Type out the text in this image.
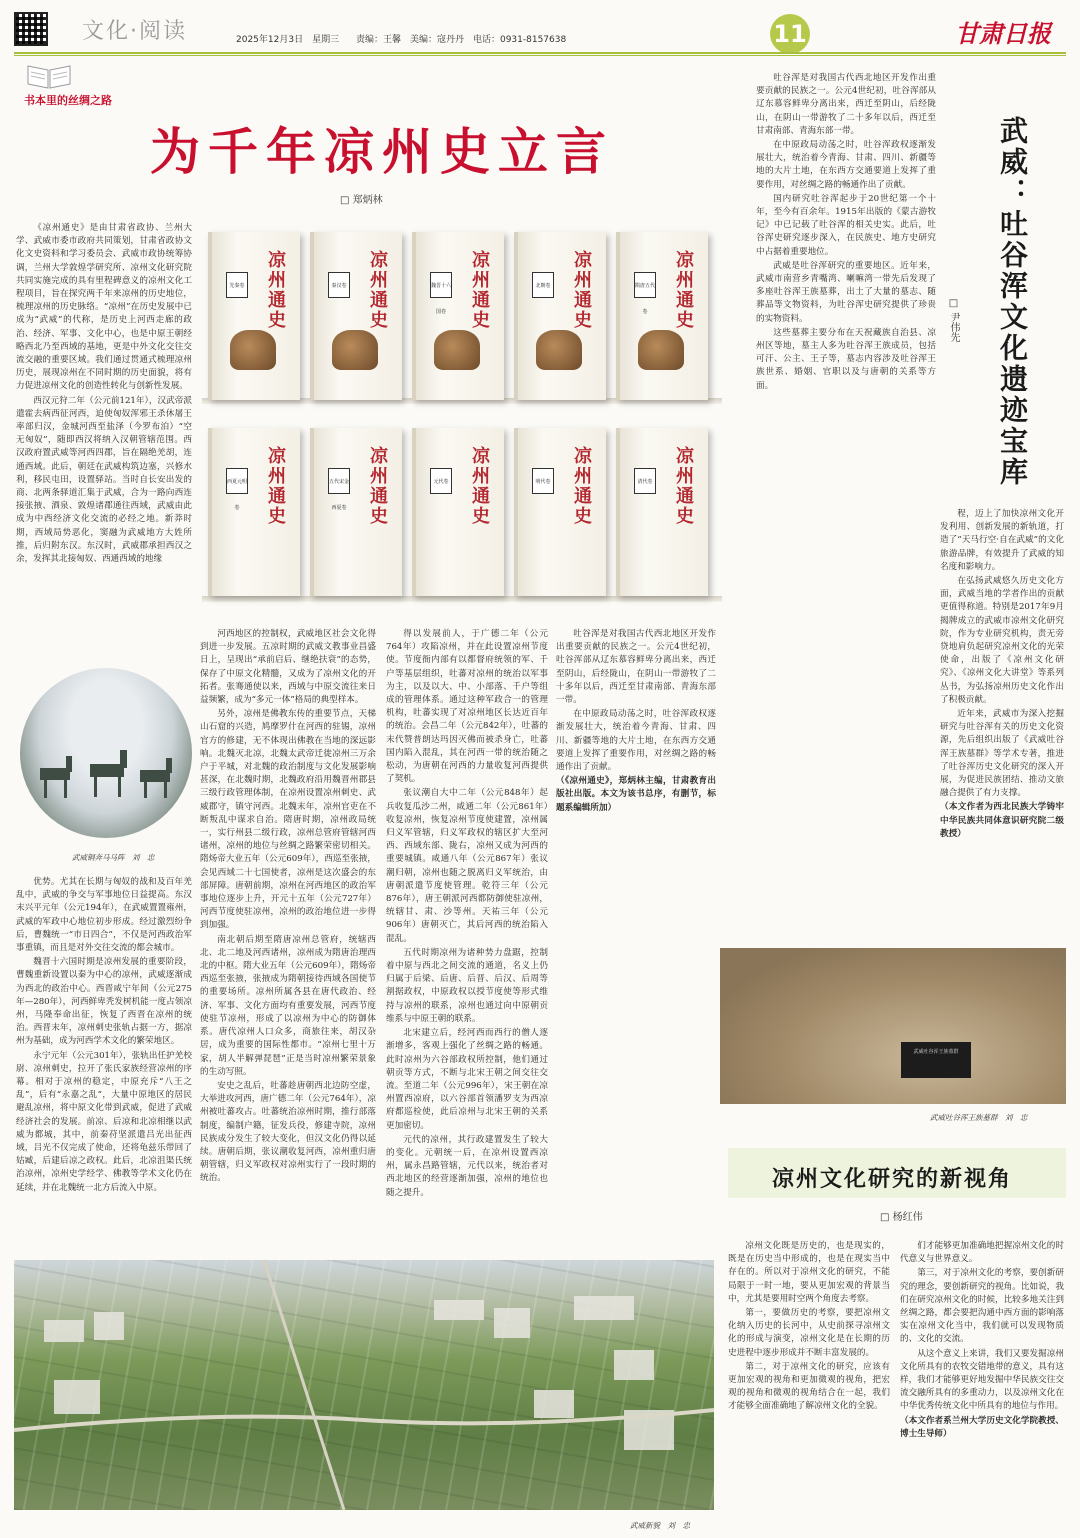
文化·阅读	2025年12月3日　星期三 责编：王馨　美编：寇丹丹　电话：0931-8157638	11	甘肃日报
书本里的丝绸之路
为千年凉州史立言
□ 郑炳林
凉州通史
先秦卷	凉州通史
秦汉卷	凉州通史
魏晋十六国卷	凉州通史
北朝卷	凉州通史
隋唐五代卷
凉州通史
西夏元明卷	凉州通史
五代宋金西夏卷	凉州通史
元代卷	凉州通史
明代卷	凉州通史
清代卷

《凉州通史》是由甘肃省政协、兰州大学、武威市委市政府共同策划，甘肃省政协文化文史资料和学习委员会、武威市政协统筹协调，兰州大学敦煌学研究所、凉州文化研究院共同实施完成的具有里程碑意义的凉州文化工程项目，旨在探究两千年来凉州的历史地位，梳理凉州的历史脉络。“凉州”在历史发展中已成为“武威”的代称，是历史上河西走廊的政治、经济、军事、文化中心，也是中原王朝经略西北乃至西域的基地，更是中外文化交往交流交融的重要区域。我们通过贯通式梳理凉州历史，展现凉州在不同时期的历史面貌，将有力促进凉州文化的创造性转化与创新性发展。

西汉元狩二年（公元前121年），汉武帝派遣霍去病西征河西，迫使匈奴浑邪王杀休屠王率部归汉，金城河西至盐泽（今罗布泊）“空无匈奴”，随即西汉将纳入汉朝管辖范围。西汉政府置武威等河西四郡，旨在隔绝羌胡，连通西域。此后，朝廷在武威构筑边塞，兴修水利，移民屯田，设置驿站。当时自长安出发的商、北两条驿道汇集于武威，合为一路向西连接张掖、酒泉、敦煌诸郡通往西域，武威由此成为中西经济文化交流的必经之地。新莽时期，西域局势恶化，窦融为武威地方大姓所推，后归附东汉。东汉时，武威郡承担西汉之余，发挥其北接匈奴、西通西域的地缘

武威铜奔马马阵　刘　忠

优势。尤其在长期与匈奴的战和及百年羌乱中，武威的争交与军事地位日益提高。东汉末兴平元年（公元194年），在武威置置雍州，武威的军政中心地位初步形成。经过激烈纷争后，曹魏统一“市日四合”，不仅是河西政治军事重镇，而且是对外交往交流的都会城市。

魏晋十六国时期是凉州发展的重要阶段，曹魏重新设置以秦为中心的凉州，武威逐渐成为西北的政治中心。西晋咸宁年间（公元275年—280年），河西鲜卑秃发树机能一度占领凉州，马隆奉命出征，恢复了西晋在凉州的统治。西晋末年，凉州刺史张轨占据一方，据凉州为基础，成为河西学术文化的繁荣地区。

永宁元年（公元301年），张轨出任护羌校尉、凉州刺史，拉开了张氏家族经营凉州的序幕。相对于凉州的稳定，中原充斥“八王之乱”，后有“永嘉之乱”，大量中原地区的居民避乱凉州，将中原文化带到武威，促进了武威经济社会的发展。前凉、后凉和北凉相继以武威为都城，其中，前秦苻坚派遣吕光出征西域，吕光不仅完成了使命，还将龟兹乐带回了姑臧，后建后凉之政权。此后，北凉沮渠氏统治凉州，凉州史学经学、佛教等学术文化仍在延续，并在北魏统一北方后流入中原。

河西地区的控制权，武威地区社会文化得到进一步发展。五凉时期的武威文教事业昌盛日上，呈现出“承前启后、继绝扶衰”的态势，保存了中原文化精髓，又成为了凉州文化的开拓者。张骞通使以来，西域与中原交流往来日益频繁，成为“多元一体”格局的典型样本。

另外，凉州是佛教东传的重要节点，天梯山石窟的兴造，鸠摩罗什在河西的驻锡，凉州官方的修建，无不体现出佛教在当地的深远影响。北魏灭北凉，北魏太武帝迁徙凉州三万余户于平城，对北魏的政治制度与文化发展影响甚深，在北魏时期，北魏政府沿用魏晋州郡县三级行政管理体制，在凉州设置凉州刺史、武威郡守，镇守河西。北魏末年，凉州官吏在不断叛乱中谋求自治。隋唐时期，凉州政局统一，实行州县二级行政，凉州总管府管辖河西诸州，凉州的地位与丝绸之路繁荣密切相关。隋炀帝大业五年（公元609年），西巡至张掖，会见西域二十七国使者，凉州是这次盛会的东部屏障。唐朝前期，凉州在河西地区的政治军事地位逐步上升，开元十五年（公元727年）河西节度使驻凉州，凉州的政治地位进一步得到加强。

南北朝后期至隋唐凉州总管府，统辖西北、北二地及河西诸州，凉州成为隋唐治理西北的中枢。隋大业五年（公元609年），隋炀帝西巡至张掖，张掖成为隋朝接待西域各国使节的重要场所。凉州所属各县在唐代政治、经济、军事、文化方面均有重要发展，河西节度使驻节凉州，形成了以凉州为中心的防御体系。唐代凉州人口众多，商旅往来，胡汉杂居，成为重要的国际性都市。“凉州七里十万家，胡人半解弹琵琶”正是当时凉州繁荣景象的生动写照。

安史之乱后，吐蕃趁唐朝西北边防空虚，大举进攻河西，唐广德二年（公元764年），凉州被吐蕃攻占。吐蕃统治凉州时期，推行部落制度，编制户籍，征发兵役，修建寺院，凉州民族成分发生了较大变化，但汉文化仍得以延续。唐朝后期，张议潮收复河西，凉州重归唐朝管辖，归义军政权对凉州实行了一段时期的统治。

得以发展前人，于广德二年（公元764年）攻陷凉州，并在此设置凉州节度使。节度衙内部有以都督府统领的军、千户等基层组织，吐蕃对凉州的统治以军事为主，以及以大、中、小部落、千户等组成的管理体系。通过这种军政合一的管理机构，吐蕃实现了对凉州地区长达近百年的统治。会昌二年（公元842年），吐蕃的末代赞普朗达玛因灭佛而被杀身亡，吐蕃国内陷入混乱，其在河西一带的统治随之松动，为唐朝在河西的力量收复河西提供了契机。

张议潮自大中二年（公元848年）起兵收复瓜沙二州，咸通二年（公元861年）收复凉州，恢复凉州节度使建置，凉州属归义军管辖，归义军政权的辖区扩大至河西、西域东部、陇右，凉州又成为河西的重要城镇。咸通八年（公元867年）张议潮归朝，凉州也随之脱离归义军统治，由唐朝派遣节度使管理。乾符三年（公元876年），唐王朝派河西都防御使驻凉州，统辖甘、肃、沙等州。天祐三年（公元906年）唐朝灭亡，其后河西的统治陷入混乱。

五代时期凉州为诸种势力盘踞，控制着中原与西北之间交流的通道，名义上仍归属于后梁、后唐、后晋、后汉、后周等割据政权，中原政权以授节度使等形式维持与凉州的联系，凉州也通过向中原朝贡维系与中原王朝的联系。

北宋建立后，经河西而西行的僧人逐渐增多，客观上强化了丝绸之路的畅通。此时凉州为六谷部政权所控制，他们通过朝贡等方式，不断与北宋王朝之间交往交流。至道二年（公元996年），宋王朝在凉州置西凉府，以六谷部首领潘罗支为西凉府都巡检使，此后凉州与北宋王朝的关系更加密切。

元代的凉州，其行政建置发生了较大的变化。元朝统一后，在凉州设置西凉州，属永昌路管辖，元代以来，统治者对西北地区的经营逐渐加强，凉州的地位也随之提升。

吐谷浑是对我国古代西北地区开发作出重要贡献的民族之一。公元4世纪初，吐谷浑部从辽东慕容鲜卑分离出来，西迁至阴山，后经陇山，在阴山一带游牧了二十多年以后，西迁至甘肃南部、青海东部一带。

在中原政局动荡之时，吐谷浑政权逐渐发展壮大，统治着今青海、甘肃、四川、新疆等地的大片土地，在东西方交通要道上发挥了重要作用，对丝绸之路的畅通作出了贡献。

（《凉州通史》，郑炳林主编，甘肃教育出版社出版。本文为该书总序，有删节，标题系编辑所加）

吐谷浑是对我国古代西北地区开发作出重要贡献的民族之一。公元4世纪初，吐谷浑部从辽东慕容鲜卑分离出来，西迁至阴山，后经陇山，在阴山一带游牧了二十多年以后，西迁至甘肃南部、青海东部一带。

在中原政局动荡之时，吐谷浑政权逐渐发展壮大，统治着今青海、甘肃、四川、新疆等地的大片土地，在东西方交通要道上发挥了重要作用，对丝绸之路的畅通作出了贡献。

国内研究吐谷浑起步于20世纪第一个十年，至今有百余年。1915年出版的《蒙古游牧记》中已记载了吐谷浑的相关史实。此后，吐谷浑史研究逐步深入，在民族史、地方史研究中占据着重要地位。

武威是吐谷浑研究的重要地区。近年来，武威市南营乡青嘴湾、喇嘛湾一带先后发现了多座吐谷浑王族墓葬，出土了大量的墓志、随葬品等文物资料，为吐谷浑史研究提供了珍贵的实物资料。

这些墓葬主要分布在天祝藏族自治县、凉州区等地，墓主人多为吐谷浑王族成员，包括可汗、公主、王子等，墓志内容涉及吐谷浑王族世系、婚姻、官职以及与唐朝的关系等方面。	武威：吐谷浑文化遗迹宝库
□ 尹伟先

程，迈上了加快凉州文化开发利用、创新发展的新轨道，打造了“天马行空·自在武威”的文化旅游品牌，有效提升了武威的知名度和影响力。

在弘扬武威悠久历史文化方面，武威当地的学者作出的贡献更值得称道。特别是2017年9月揭牌成立的武威市凉州文化研究院，作为专业研究机构，责无旁贷地肩负起研究凉州文化的光荣使命，出版了《凉州文化研究》、《凉州文化大讲堂》等系列丛书，为弘扬凉州历史文化作出了积极贡献。

近年来，武威市为深入挖掘研究与吐谷浑有关的历史文化资源，先后组织出版了《武威吐谷浑王族墓群》等学术专著，推进了吐谷浑历史文化研究的深入开展，为促进民族团结、推动文旅融合提供了有力支撑。

（本文作者为西北民族大学铸牢中华民族共同体意识研究院二级教授）

武威吐谷浑王族墓群
武威吐谷浑王族墓群　刘　忠
凉州文化研究的新视角
□ 杨红伟

凉州文化既是历史的，也是现实的，既是在历史当中形成的，也是在现实当中存在的。所以对于凉州文化的研究，不能局限于一时一地，要从更加宏观的背景当中，尤其是要用时空两个角度去考察。

第一，要做历史的考察，要把凉州文化纳入历史的长河中，从史前探寻凉州文化的形成与演变，凉州文化是在长期的历史进程中逐步形成并不断丰富发展的。

第二，对于凉州文化的研究，应该有更加宏观的视角和更加微观的视角，把宏观的视角和微观的视角结合在一起，我们才能够全面准确地了解凉州文化的全貌。

们才能够更加准确地把握凉州文化的时代意义与世界意义。

第三，对于凉州文化的考察，要创新研究的理念，要创新研究的视角。比如说，我们在研究凉州文化的时候，比较多地关注到丝绸之路，都会要把沟通中西方面的影响落实在凉州文化当中，我们就可以发现物质的、文化的交流。

从这个意义上来讲，我们又要发掘凉州文化所具有的农牧交错地带的意义，具有这样，我们才能够更好地发掘中华民族交往交流交融所具有的多重动力，以及凉州文化在中华优秀传统文化中所具有的地位与作用。

（本文作者系兰州大学历史文化学院教授、博士生导师）

武威新貌　刘　忠
